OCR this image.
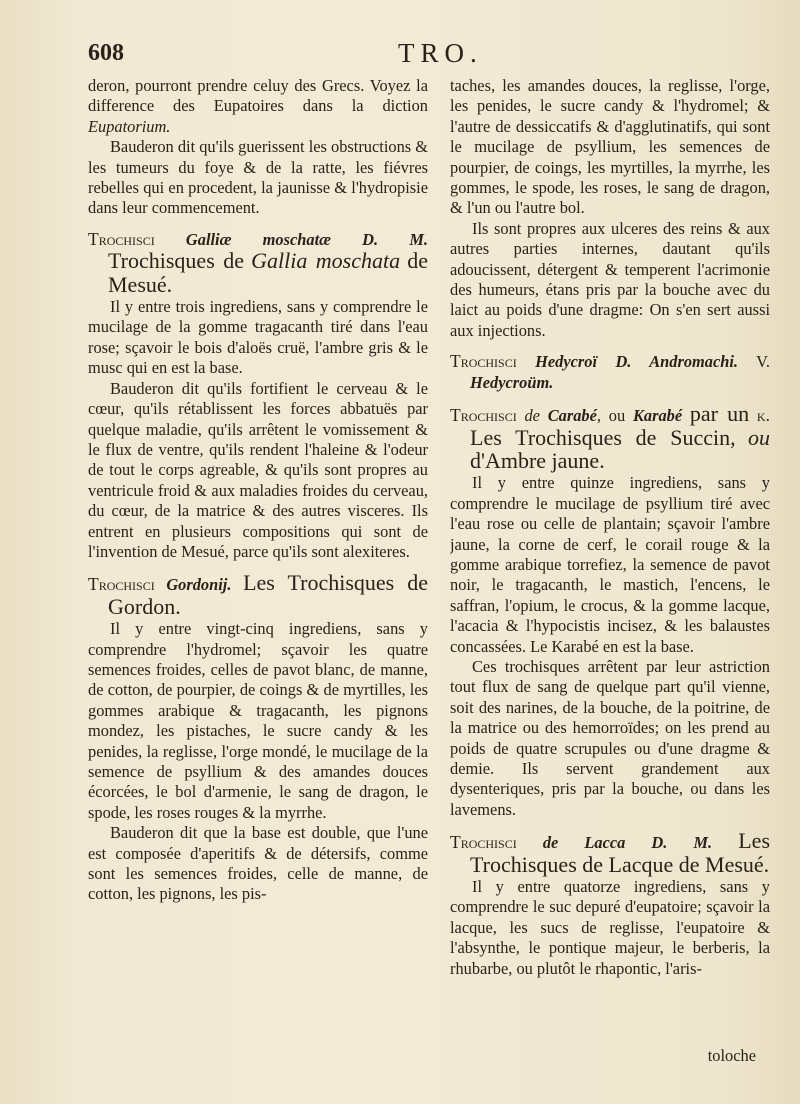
608	TRO.

deron, pourront prendre celuy des Grecs. Voyez la difference des Eupatoires dans la diction Eupatorium.

Bauderon dit qu'ils guerissent les obstructions & les tumeurs du foye & de la ratte, les fiévres rebelles qui en procedent, la jaunisse & l'hydropisie dans leur commencement.

Trochisci Galliæ moschatæ D. M. Trochisques de Gallia moschata de Mesué.

Il y entre trois ingrediens, sans y comprendre le mucilage de la gomme tragacanth tiré dans l'eau rose; sçavoir le bois d'aloës cruë, l'ambre gris & le musc qui en est la base.

Bauderon dit qu'ils fortifient le cerveau & le cœur, qu'ils rétablissent les forces abbatuës par quelque maladie, qu'ils arrêtent le vomissement & le flux de ventre, qu'ils rendent l'haleine & l'odeur de tout le corps agreable, & qu'ils sont propres au ventricule froid & aux maladies froides du cerveau, du cœur, de la matrice & des autres visceres. Ils entrent en plusieurs compositions qui sont de l'invention de Mesué, parce qu'ils sont alexiteres.

Trochisci Gordonij. Les Trochisques de Gordon.

Il y entre vingt-cinq ingrediens, sans y comprendre l'hydromel; sçavoir les quatre semences froides, celles de pavot blanc, de manne, de cotton, de pourpier, de coings & de myrtilles, les gommes arabique & tragacanth, les pignons mondez, les pistaches, le sucre candy & les penides, la reglisse, l'orge mondé, le mucilage de la semence de psyllium & des amandes douces écorcées, le bol d'armenie, le sang de dragon, le spode, les roses rouges & la myrrhe.

Bauderon dit que la base est double, que l'une est composée d'aperitifs & de détersifs, comme sont les semences froides, celle de manne, de cotton, les pignons, les pis-

taches, les amandes douces, la reglisse, l'orge, les penides, le sucre candy & l'hydromel; & l'autre de dessiccatifs & d'agglutinatifs, qui sont le mucilage de psyllium, les semences de pourpier, de coings, les myrtilles, la myrrhe, les gommes, le spode, les roses, le sang de dragon, & l'un ou l'autre bol.

Ils sont propres aux ulceres des reins & aux autres parties internes, dautant qu'ils adoucissent, détergent & temperent l'acrimonie des humeurs, étans pris par la bouche avec du laict au poids d'une dragme: On s'en sert aussi aux injections.

Trochisci Hedycroï D. Andromachi. V. Hedycroüm.

Trochisci de Carabé, ou Karabé par un k. Les Trochisques de Succin, ou d'Ambre jaune.

Il y entre quinze ingrediens, sans y comprendre le mucilage de psyllium tiré avec l'eau rose ou celle de plantain; sçavoir l'ambre jaune, la corne de cerf, le corail rouge & la gomme arabique torrefiez, la semence de pavot noir, le tragacanth, le mastich, l'encens, le saffran, l'opium, le crocus, & la gomme lacque, l'acacia & l'hypocistis incisez, & les balaustes concassées. Le Karabé en est la base.

Ces trochisques arrêtent par leur astriction tout flux de sang de quelque part qu'il vienne, soit des narines, de la bouche, de la poitrine, de la matrice ou des hemorroïdes; on les prend au poids de quatre scrupules ou d'une dragme & demie. Ils servent grandement aux dysenteriques, pris par la bouche, ou dans les lavemens.

Trochisci de Lacca D. M. Les Trochisques de Lacque de Mesué.

Il y entre quatorze ingrediens, sans y comprendre le suc depuré d'eupatoire; sçavoir la lacque, les sucs de reglisse, l'eupatoire & l'absynthe, le pontique majeur, le berberis, la rhubarbe, ou plutôt le rhapontic, l'aris-

toloche
